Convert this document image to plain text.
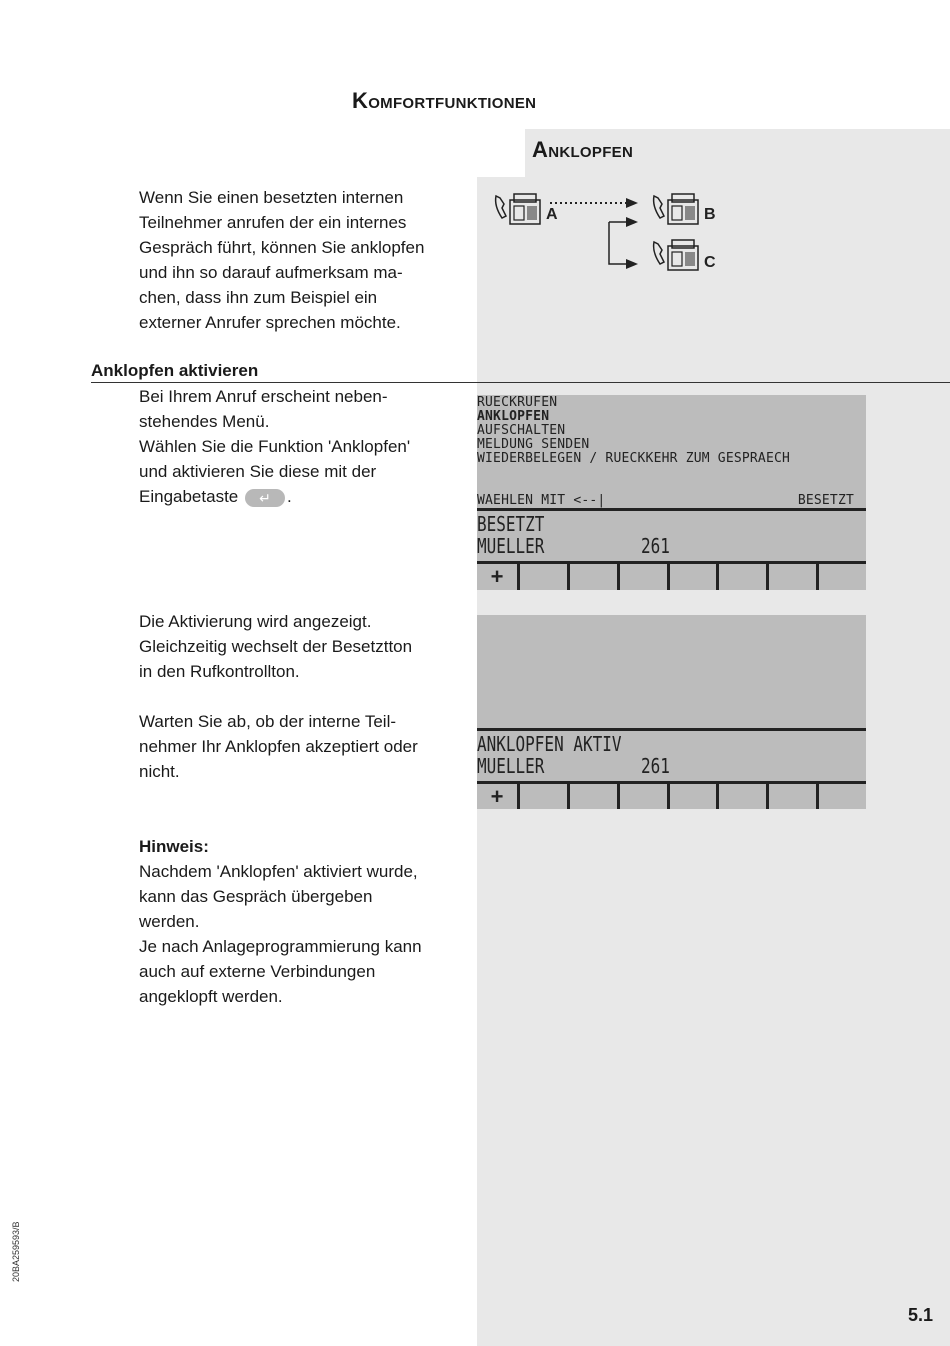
Komfortfunktionen
Anklopfen
Wenn Sie einen besetzten internen
Teilnehmer anrufen der ein internes
Gespräch führt, können Sie anklopfen
und ihn so darauf aufmerksam ma-
chen, dass ihn zum Beispiel ein
externer Anrufer sprechen möchte.
A	B
C
Anklopfen aktivieren
Bei Ihrem Anruf erscheint neben-
stehendes Menü.
Wählen Sie die Funktion 'Anklopfen'
und aktivieren Sie diese mit der
Eingabetaste ↵ .
RUECKRUFEN
ANKLOPFEN
AUFSCHALTEN
MELDUNG SENDEN
WIEDERBELEGEN / RUECKKEHR ZUM GESPRAECH
WAEHLEN MIT <--|	BESETZT
BESETZT
MUELLER	261
+
Die Aktivierung wird angezeigt.
Gleichzeitig wechselt der Besetztton
in den Rufkontrollton.
Warten Sie ab, ob der interne Teil-
nehmer Ihr Anklopfen akzeptiert oder
nicht.
ANKLOPFEN AKTIV
MUELLER	261
+
Hinweis:
Nachdem 'Anklopfen' aktiviert wurde,
kann das Gespräch übergeben
werden.
Je nach Anlageprogrammierung kann
auch auf externe Verbindungen
angeklopft werden.
20BA259593/B
5.1
